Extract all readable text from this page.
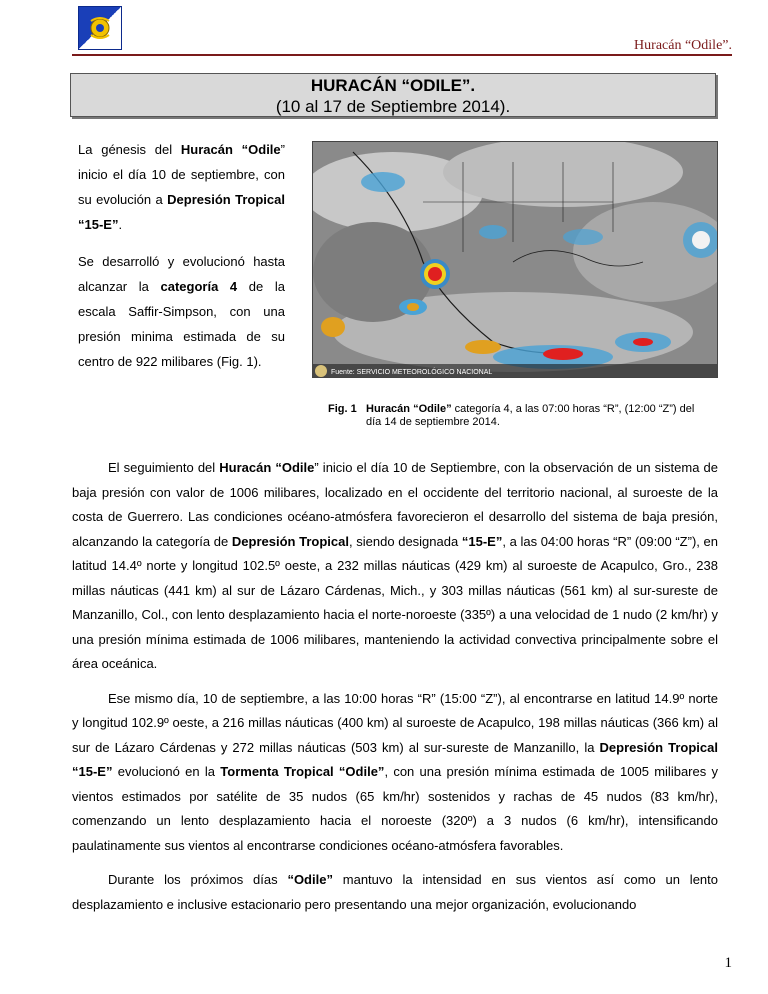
Huracán “Odile”.
HURACÁN “ODILE”.
(10 al 17 de Septiembre 2014).

La génesis del Huracán “Odile” inicio el día 10 de septiembre, con su evolución a Depresión Tropical “15-E”.

Se desarrolló y evolucionó hasta alcanzar la categoría 4 de la escala Saffir-Simpson, con una presión minima estimada de su centro de 922 milibares (Fig. 1).

Fuente: SERVICIO METEOROLÓGICO NACIONAL
Fig. 1 Huracán “Odile” categoría 4, a las 07:00 horas “R”, (12:00 “Z”) del día 14 de septiembre 2014.

El seguimiento del Huracán “Odile” inicio el día 10 de Septiembre, con la observación de un sistema de baja presión con valor de 1006 milibares, localizado en el occidente del territorio nacional, al suroeste de la costa de Guerrero. Las condiciones océano-atmósfera favorecieron el desarrollo del sistema de baja presión, alcanzando la categoría de Depresión Tropical, siendo designada “15-E”, a las 04:00 horas “R” (09:00 “Z”), en latitud 14.4º norte y longitud 102.5º oeste, a 232 millas náuticas (429 km) al suroeste de Acapulco, Gro., 238 millas náuticas (441 km) al sur de Lázaro Cárdenas, Mich., y 303 millas náuticas (561 km) al sur-sureste de Manzanillo, Col., con lento desplazamiento hacia el norte-noroeste (335º) a una velocidad de 1 nudo (2 km/hr) y una presión mínima estimada de 1006 milibares, manteniendo la actividad convectiva principalmente sobre el área oceánica.

Ese mismo día, 10 de septiembre, a las 10:00 horas “R” (15:00 “Z”), al encontrarse en latitud 14.9º norte y longitud 102.9º oeste, a 216 millas náuticas (400 km) al suroeste de Acapulco, 198 millas náuticas (366 km) al sur de Lázaro Cárdenas y 272 millas náuticas (503 km) al sur-sureste de Manzanillo, la Depresión Tropical “15-E” evolucionó en la Tormenta Tropical “Odile”, con una presión mínima estimada de 1005 milibares y vientos estimados por satélite de 35 nudos (65 km/hr) sostenidos y rachas de 45 nudos (83 km/hr), comenzando un lento desplazamiento hacia el noroeste (320º) a 3 nudos (6 km/hr), intensificando paulatinamente sus vientos al encontrarse condiciones océano-atmósfera favorables.

Durante los próximos días “Odile” mantuvo la intensidad en sus vientos así como un lento desplazamiento e inclusive estacionario pero presentando una mejor organización, evolucionando

1
